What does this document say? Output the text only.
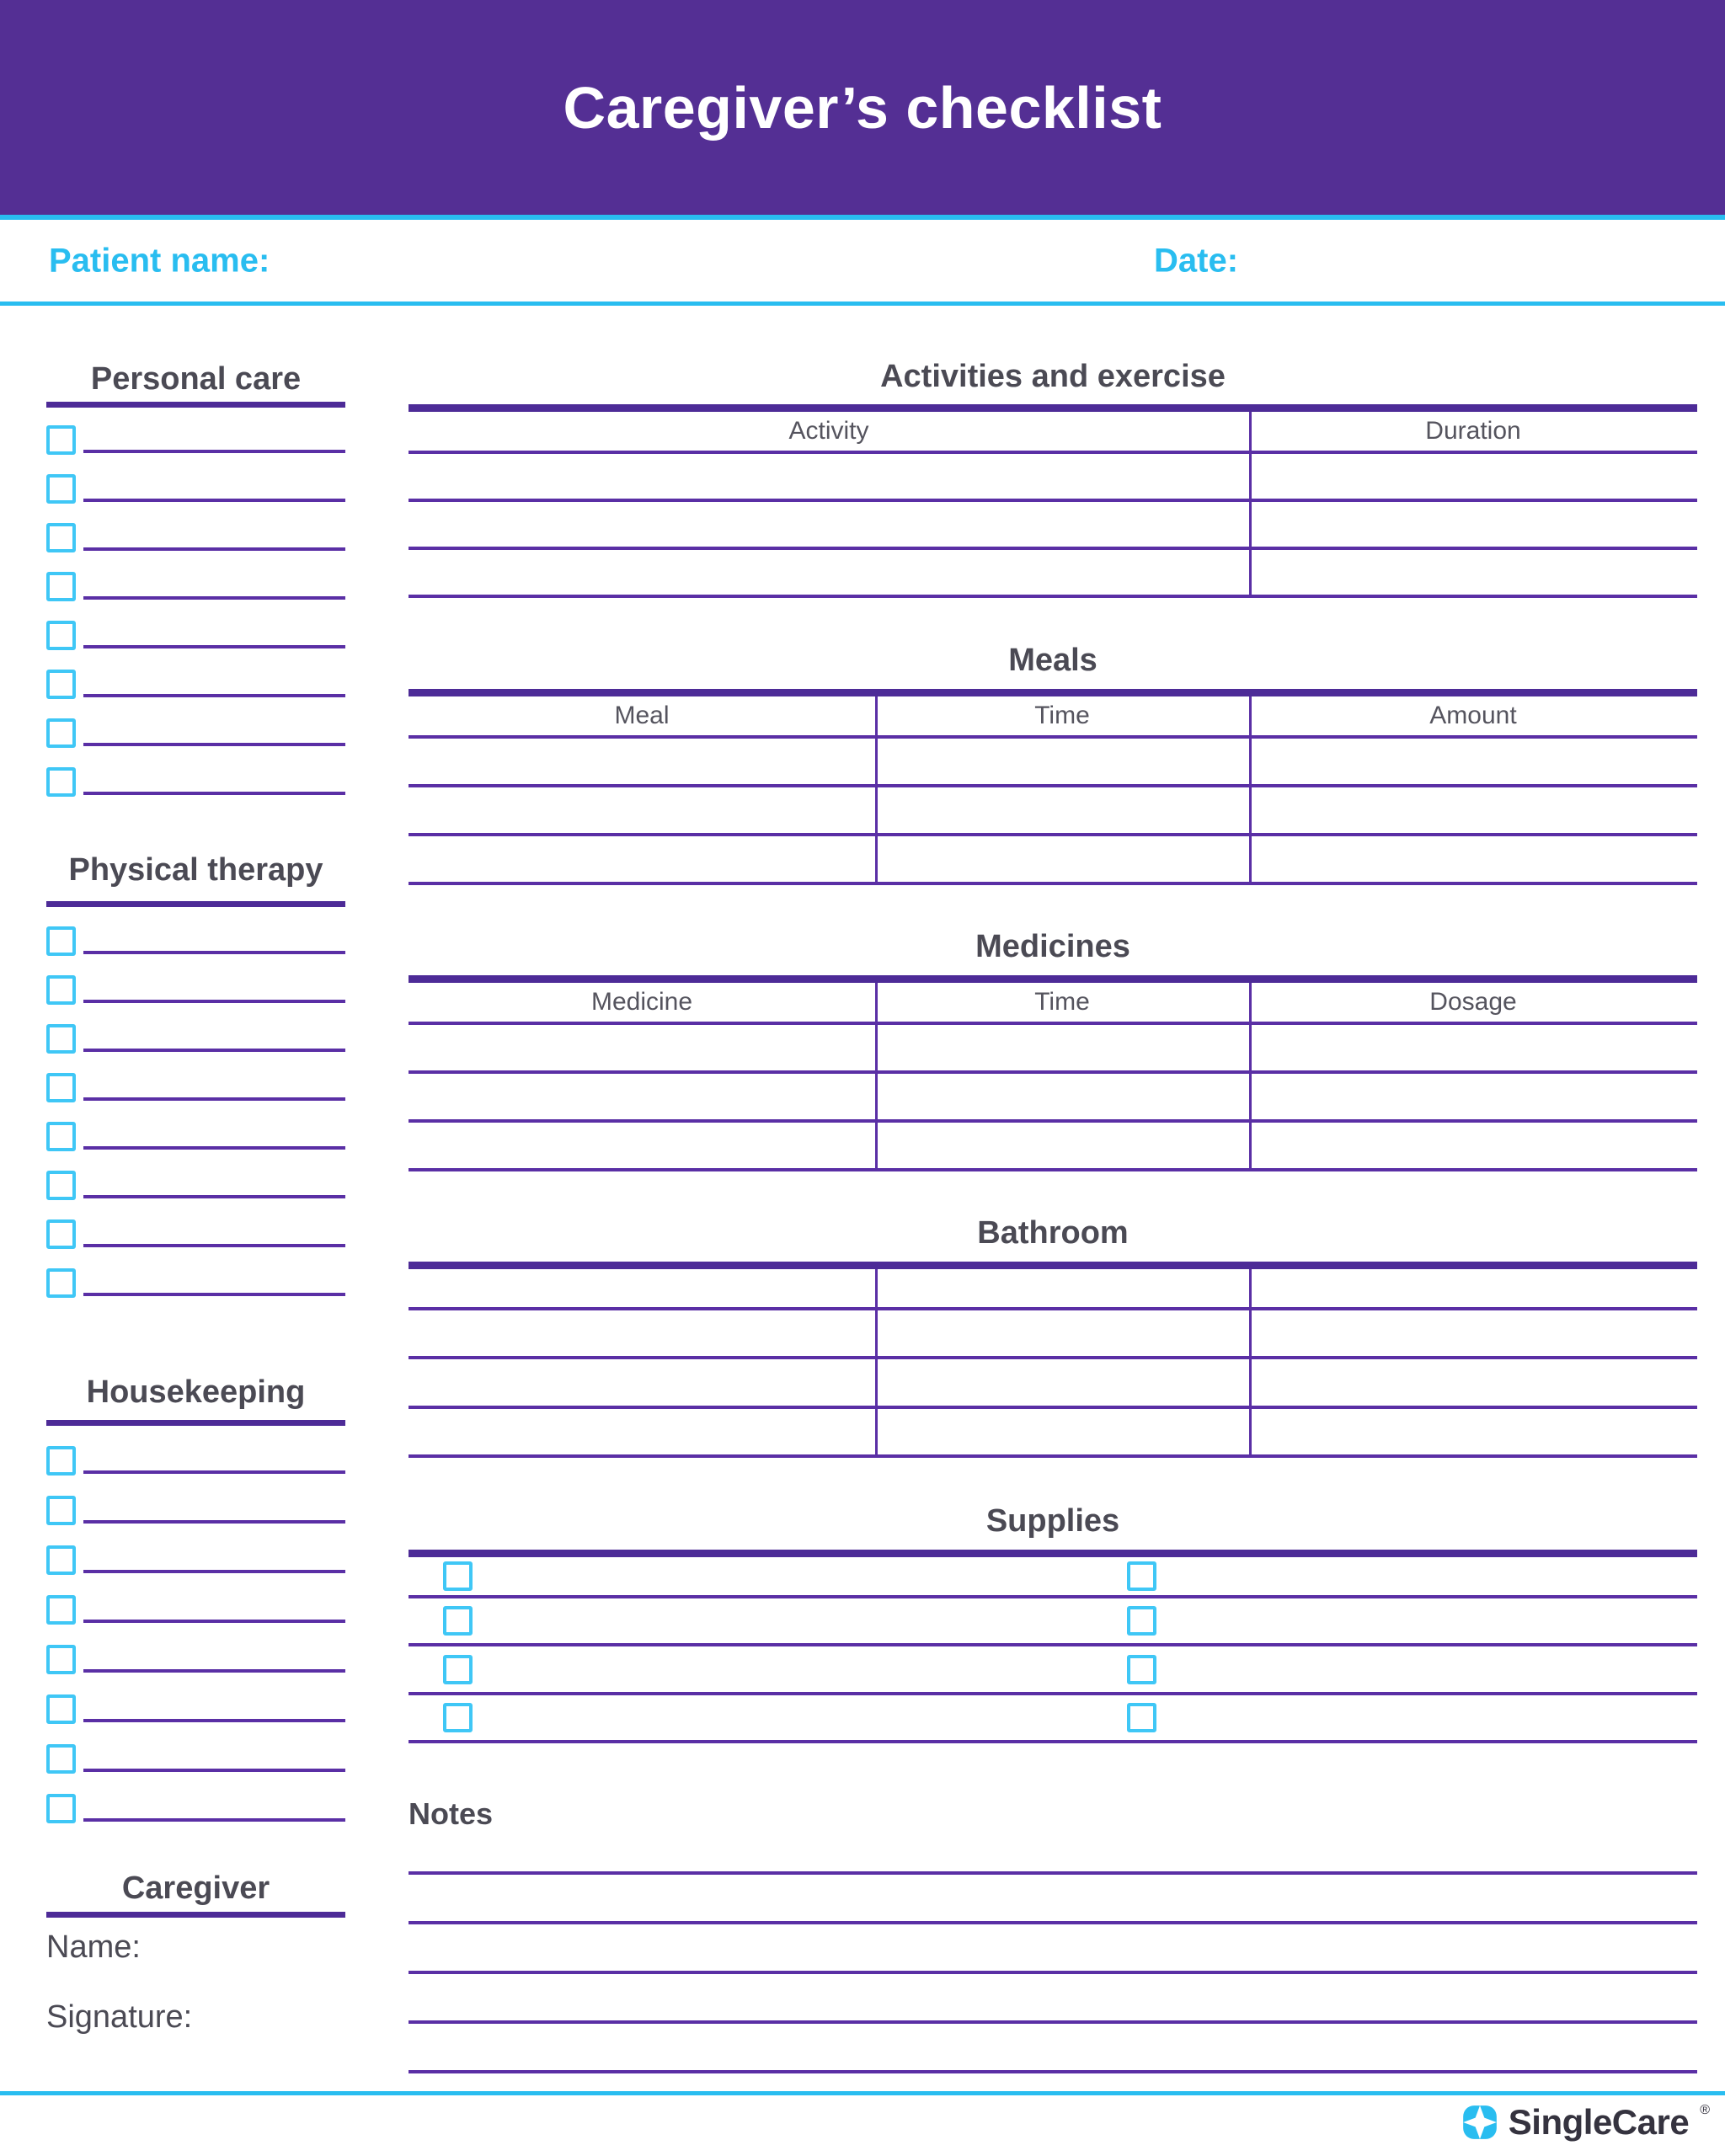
Caregiver’s checklist
Patient name:	Date:
Personal care
Physical therapy
Housekeeping
Caregiver
Name:
Signature:
Activities and exercise
Activity	Duration
Meals
Meal	Time	Amount
Medicines
Medicine	Time	Dosage
Bathroom
Supplies
Notes
SingleCare ®
